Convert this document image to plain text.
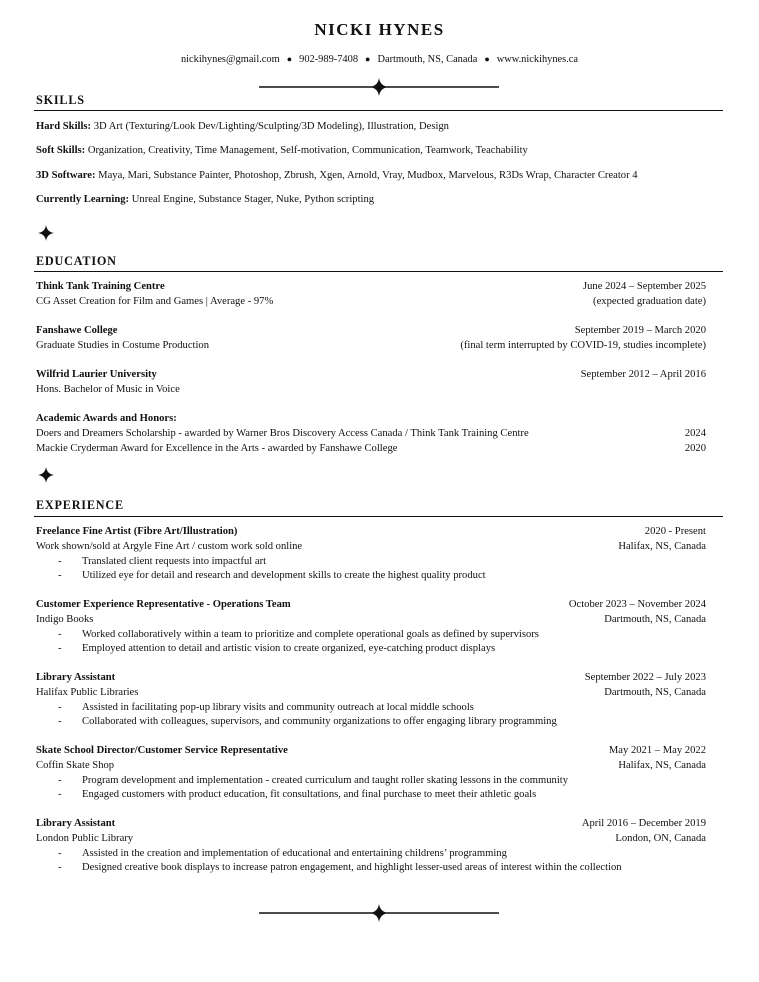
NICKI HYNES
nickihynes@gmail.com ● 902-989-7408 ● Dartmouth, NS, Canada ● www.nickihynes.ca
SKILLS
Hard Skills: 3D Art (Texturing/Look Dev/Lighting/Sculpting/3D Modeling), Illustration, Design
Soft Skills: Organization, Creativity, Time Management, Self-motivation, Communication, Teamwork, Teachability
3D Software: Maya, Mari, Substance Painter, Photoshop, Zbrush, Xgen, Arnold, Vray, Mudbox, Marvelous, R3Ds Wrap, Character Creator 4
Currently Learning: Unreal Engine, Substance Stager, Nuke, Python scripting
EDUCATION
Think Tank Training Centre	June 2024 – September 2025
CG Asset Creation for Film and Games | Average - 97%	(expected graduation date)
Fanshawe College	September 2019 – March 2020
Graduate Studies in Costume Production	(final term interrupted by COVID-19, studies incomplete)
Wilfrid Laurier University	September 2012 – April 2016
Hons. Bachelor of Music in Voice
Academic Awards and Honors:
Doers and Dreamers Scholarship - awarded by Warner Bros Discovery Access Canada / Think Tank Training Centre	2024
Mackie Cryderman Award for Excellence in the Arts - awarded by Fanshawe College	2020
EXPERIENCE
Freelance Fine Artist (Fibre Art/Illustration)	2020 - Present
Work shown/sold at Argyle Fine Art / custom work sold online	Halifax, NS, Canada
- Translated client requests into impactful art
- Utilized eye for detail and research and development skills to create the highest quality product
Customer Experience Representative - Operations Team	October 2023 – November 2024
Indigo Books	Dartmouth, NS, Canada
- Worked collaboratively within a team to prioritize and complete operational goals as defined by supervisors
- Employed attention to detail and artistic vision to create organized, eye-catching product displays
Library Assistant	September 2022 – July 2023
Halifax Public Libraries	Dartmouth, NS, Canada
- Assisted in facilitating pop-up library visits and community outreach at local middle schools
- Collaborated with colleagues, supervisors, and community organizations to offer engaging library programming
Skate School Director/Customer Service Representative	May 2021 – May 2022
Coffin Skate Shop	Halifax, NS, Canada
- Program development and implementation - created curriculum and taught roller skating lessons in the community
- Engaged customers with product education, fit consultations, and final purchase to meet their athletic goals
Library Assistant	April 2016 – December 2019
London Public Library	London, ON, Canada
- Assisted in the creation and implementation of educational and entertaining childrens’ programming
- Designed creative book displays to increase patron engagement, and highlight lesser-used areas of interest within the collection
